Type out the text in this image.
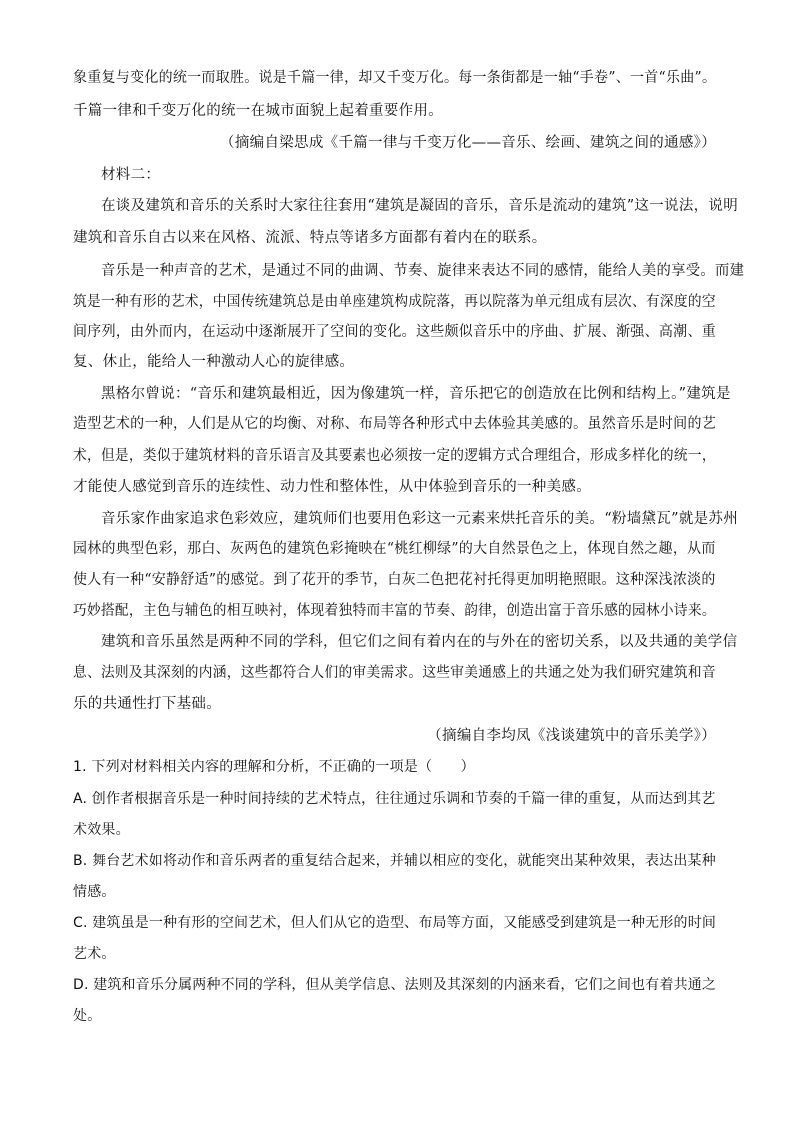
象重复与变化的统一而取胜。说是千篇一律，却又千变万化。每一条街都是一轴“手卷”、一首“乐曲”。
千篇一律和千变万化的统一在城市面貌上起着重要作用。
（摘编自梁思成《千篇一律与千变万化——音乐、绘画、建筑之间的通感》）
材料二：
在谈及建筑和音乐的关系时大家往往套用“建筑是凝固的音乐，音乐是流动的建筑”这一说法，说明
建筑和音乐自古以来在风格、流派、特点等诸多方面都有着内在的联系。
音乐是一种声音的艺术，是通过不同的曲调、节奏、旋律来表达不同的感情，能给人美的享受。而建
筑是一种有形的艺术，中国传统建筑总是由单座建筑构成院落，再以院落为单元组成有层次、有深度的空
间序列，由外而内，在运动中逐渐展开了空间的变化。这些颇似音乐中的序曲、扩展、渐强、高潮、重
复、休止，能给人一种激动人心的旋律感。
黑格尔曾说：“音乐和建筑最相近，因为像建筑一样，音乐把它的创造放在比例和结构上。”建筑是
造型艺术的一种，人们是从它的均衡、对称、布局等各种形式中去体验其美感的。虽然音乐是时间的艺
术，但是，类似于建筑材料的音乐语言及其要素也必须按一定的逻辑方式合理组合，形成多样化的统一，
才能使人感觉到音乐的连续性、动力性和整体性，从中体验到音乐的一种美感。
音乐家作曲家追求色彩效应，建筑师们也要用色彩这一元素来烘托音乐的美。“粉墙黛瓦”就是苏州
园林的典型色彩，那白、灰两色的建筑色彩掩映在“桃红柳绿”的大自然景色之上，体现自然之趣，从而
使人有一种“安静舒适”的感觉。到了花开的季节，白灰二色把花衬托得更加明艳照眼。这种深浅浓淡的
巧妙搭配，主色与辅色的相互映衬，体现着独特而丰富的节奏、韵律，创造出富于音乐感的园林小诗来。
建筑和音乐虽然是两种不同的学科，但它们之间有着内在的与外在的密切关系，以及共通的美学信
息、法则及其深刻的内涵，这些都符合人们的审美需求。这些审美通感上的共通之处为我们研究建筑和音
乐的共通性打下基础。
（摘编自李均凤《浅谈建筑中的音乐美学》）
1. 下列对材料相关内容的理解和分析，不正确的一项是（　　）
A. 创作者根据音乐是一种时间持续的艺术特点，往往通过乐调和节奏的千篇一律的重复，从而达到其艺
术效果。
B. 舞台艺术如将动作和音乐两者的重复结合起来，并辅以相应的变化，就能突出某种效果，表达出某种
情感。
C. 建筑虽是一种有形的空间艺术，但人们从它的造型、布局等方面，又能感受到建筑是一种无形的时间
艺术。
D. 建筑和音乐分属两种不同的学科，但从美学信息、法则及其深刻的内涵来看，它们之间也有着共通之
处。
